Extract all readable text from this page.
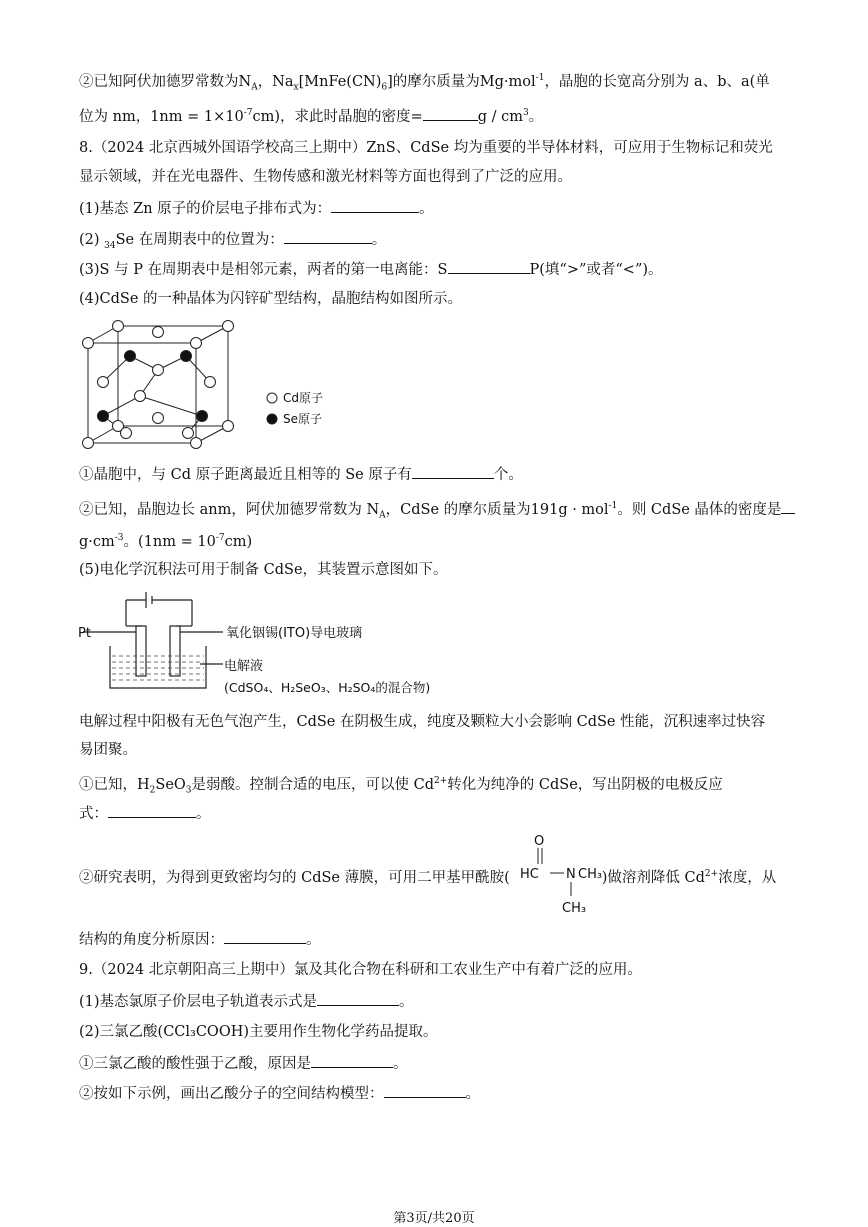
②已知阿伏加德罗常数为$N_A$，$Na_x[MnFe(CN)_6]$的摩尔质量为Mg·mol$^{-1}$，晶胞的长宽高分别为 a、b、a(单
位为 nm，$1nm = 1\times 10^{-7}cm$)，求此时晶胞的密度=	g / $cm^3$。
8.（2024 北京西城外国语学校高三上期中）ZnS、CdSe 均为重要的半导体材料，可应用于生物标记和荧光
显示领域，并在光电器件、生物传感和激光材料等方面也得到了广泛的应用。
(1)基态 Zn 原子的价层电子排布式为：	。
(2) $_{34}$Se 在周期表中的位置为：	。
(3)S 与 P 在周期表中是相邻元素，两者的第一电离能：S	P(填“>”或者“<”)。
(4)CdSe 的一种晶体为闪锌矿型结构，晶胞结构如图所示。
Cd原子
Se原子
①晶胞中，与 Cd 原子距离最近且相等的 Se 原子有	个。
②已知，晶胞边长 anm，阿伏加德罗常数为 $N_A$，CdSe 的摩尔质量为191g · mol$^{-1}$。则 CdSe 晶体的密度是
$g\cdot cm^{-3}$。$(1nm = 10^{-7}cm)$
(5)电化学沉积法可用于制备 CdSe，其装置示意图如下。
Pt	氧化铟锡(ITO)导电玻璃
电解液
(CdSO₄、H₂SeO₃、H₂SO₄的混合物)
电解过程中阳极有无色气泡产生，CdSe 在阴极生成，纯度及颗粒大小会影响 CdSe 性能，沉积速率过快容
易团聚。
①已知，$H_2SeO_3$是弱酸。控制合适的电压，可以使 $Cd^{2+}$转化为纯净的 CdSe，写出阴极的电极反应
式：	。
②研究表明，为得到更致密均匀的 CdSe 薄膜，可用二甲基甲酰胺(	)做溶剂降低 $Cd^{2+}$浓度，从
O
HC N CH₃
CH₃
结构的角度分析原因：	。
9.（2024 北京朝阳高三上期中）氯及其化合物在科研和工农业生产中有着广泛的应用。
(1)基态氯原子价层电子轨道表示式是	。
(2)三氯乙酸(CCl₃COOH)主要用作生物化学药品提取。
①三氯乙酸的酸性强于乙酸，原因是	。
②按如下示例，画出乙酸分子的空间结构模型：	。
第3页/共20页
